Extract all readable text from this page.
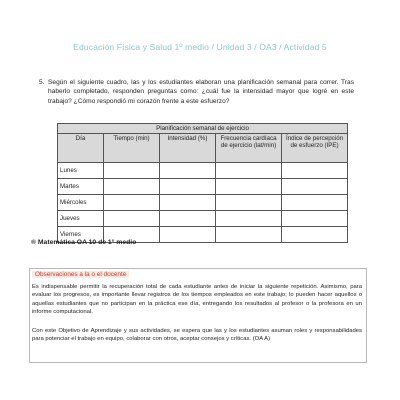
Educación Física y Salud 1º medio / Unidad 3 / OA3 / Actividad 5
5. Según el siguiente cuadro, las y los estudiantes elaboran una planificación semanal para correr. Tras haberlo completado, responden preguntas como: ¿cuál fue la intensidad mayor que logré en este trabajo? ¿Cómo respondió mi corazón frente a este esfuerzo?
Planificación semanal de ejercicio				
Día	Tiempo (min)	Intensidad (%)	Frecuencia cardíaca de ejercicio (lat/min)	Índice de percepción de esfuerzo (IPE)
Lunes				
Martes				
Miércoles				
Jueves				
Viernes				
® Matemática OA 10 de 1° medio
Observaciones a la o el docente
Es indispensable permitir la recuperación total de cada estudiante antes de iniciar la siguiente repetición. Asimismo, para evaluar los progresos, es importante llevar registros de los tiempos empleados en este trabajo; lo pueden hacer aquellos o aquellas estudiantes que no participan en la práctica ese día, entregando los resultados al profesor o la profesora en un informe computacional.
Con este Objetivo de Aprendizaje y sus actividades, se espera que las y los estudiantes asuman roles y responsabilidades para potenciar el trabajo en equipo, colaborar con otros, aceptar consejos y críticas. (OA A)
